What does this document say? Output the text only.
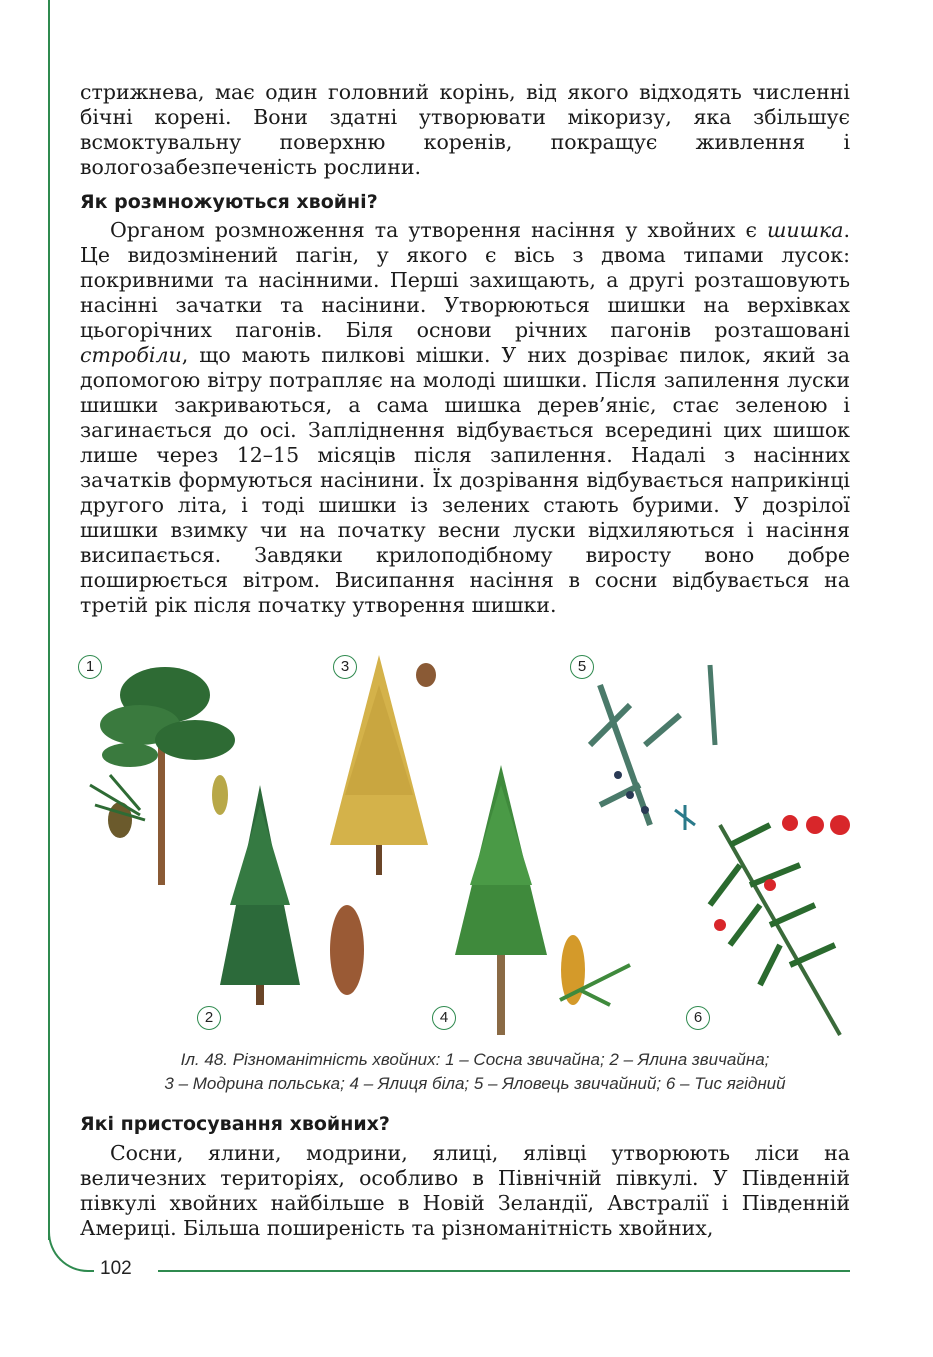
102

стрижнева, має один головний корінь, від якого відходять численні бічні корені. Вони здатні утворювати мікоризу, яка збільшує всмоктувальну поверхню коренів, покращує живлення і вологозабезпеченість рослини.

Як розмножуються хвойні?

Органом розмноження та утворення насіння у хвойних є шишка. Це видозмінений пагін, у якого є вісь з двома типами лусок: покривними та насінними. Перші захищають, а другі розташовують насінні зачатки та насінини. Утворюються шишки на верхівках цьогорічних пагонів. Біля основи річних пагонів розташовані стробіли, що мають пилкові мішки. У них дозріває пилок, який за допомогою вітру потрапляє на молоді шишки. Після запилення луски шишки закриваються, а сама шишка дерев’яніє, стає зеленою і загинається до осі. Запліднення відбувається всередині цих шишок лише через 12–15 місяців після запилення. Надалі з насінних зачатків формуються насінини. Їх дозрівання відбувається наприкінці другого літа, і тоді шишки із зелених стають бурими. У дозрілої шишки взимку чи на початку весни луски відхиляються і насіння висипається. Завдяки крилоподібному виросту воно добре поширюється вітром. Висипання насіння в сосни відбувається на третій рік після початку утворення шишки.

1
2
3
4
5
6
Іл. 48. Різноманітність хвойних: 1 – Сосна звичайна; 2 – Ялина звичайна;
3 – Модрина польська; 4 – Ялиця біла; 5 – Яловець звичайний; 6 – Тис ягідний
Які пристосування хвойних?

Сосни, ялини, модрини, ялиці, ялівці утворюють ліси на величезних територіях, особливо в Північній півкулі. У Південній півкулі хвойних найбільше в Новій Зеландії, Австралії і Південній Америці. Більша поширеність та різноманітність хвойних,
